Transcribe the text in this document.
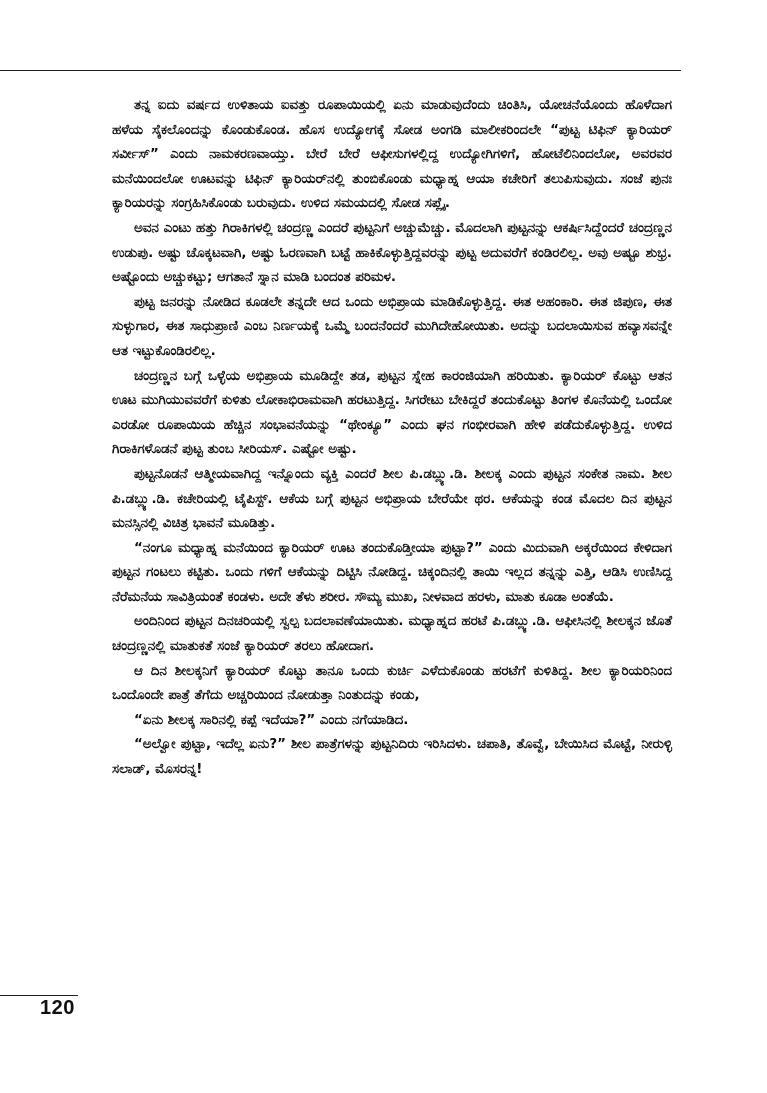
ತನ್ನ ಐದು ವರ್ಷದ ಉಳಿತಾಯ ಐವತ್ತು ರೂಪಾಯಿಯಲ್ಲಿ ಏನು ಮಾಡುವುದೆಂದು ಚಿಂತಿಸಿ, ಯೋಚನೆಯೊಂದು ಹೊಳೆದಾಗ ಹಳೆಯ ಸೈಕಲೊಂದನ್ನು ಕೊಂಡುಕೊಂಡ. ಹೊಸ ಉದ್ಯೋಗಕ್ಕೆ ಸೋಡ ಅಂಗಡಿ ಮಾಲೀಕರಿಂದಲೇ “ಪುಟ್ಟ ಟಿಫಿನ್ ಕ್ಯಾರಿಯರ್ ಸರ್ವೀಸ್” ಎಂದು ನಾಮಕರಣವಾಯ್ತು. ಬೇರೆ ಬೇರೆ ಆಫೀಸುಗಳಲ್ಲಿದ್ದ ಉದ್ಯೋಗಿಗಳಿಗೆ, ಹೋಟೆಲಿನಿಂದಲೋ, ಅವರವರ ಮನೆಯಿಂದಲೋ ಊಟವನ್ನು ಟಿಫಿನ್ ಕ್ಯಾರಿಯರ್‌ನಲ್ಲಿ ತುಂಬಿಕೊಂಡು ಮಧ್ಯಾಹ್ನ ಆಯಾ ಕಚೇರಿಗೆ ತಲುಪಿಸುವುದು. ಸಂಜೆ ಪುನಃ ಕ್ಯಾರಿಯರನ್ನು ಸಂಗ್ರಹಿಸಿಕೊಂಡು ಬರುವುದು. ಉಳಿದ ಸಮಯದಲ್ಲಿ ಸೋಡ ಸಪ್ಲೈ.

ಅವನ ಎಂಟು ಹತ್ತು ಗಿರಾಕಿಗಳಲ್ಲಿ ಚಂದ್ರಣ್ಣ ಎಂದರೆ ಪುಟ್ಟನಿಗೆ ಅಚ್ಚುಮೆಚ್ಚು. ಮೊದಲಾಗಿ ಪುಟ್ಟನನ್ನು ಆಕರ್ಷಿಸಿದ್ದೆಂದರೆ ಚಂದ್ರಣ್ಣನ ಉಡುಪು. ಅಷ್ಟು ಚೊಕ್ಕಟವಾಗಿ, ಅಷ್ಟು ಓರಣವಾಗಿ ಬಟ್ಟೆ ಹಾಕಿಕೊಳ್ಳುತ್ತಿದ್ದವರನ್ನು ಪುಟ್ಟ ಅದುವರೆಗೆ ಕಂಡಿರಲಿಲ್ಲ. ಅವು ಅಷ್ಟೂ ಶುಭ್ರ. ಅಷ್ಟೊಂದು ಅಚ್ಚುಕಟ್ಟು; ಆಗತಾನೆ ಸ್ನಾನ ಮಾಡಿ ಬಂದಂತ ಪರಿಮಳ.

ಪುಟ್ಟ ಜನರನ್ನು ನೋಡಿದ ಕೂಡಲೇ ತನ್ನದೇ ಆದ ಒಂದು ಅಭಿಪ್ರಾಯ ಮಾಡಿಕೊಳ್ಳುತ್ತಿದ್ದ. ಈತ ಅಹಂಕಾರಿ. ಈತ ಜಿಪುಣ, ಈತ ಸುಳ್ಳುಗಾರ, ಈತ ಸಾಧುಪ್ರಾಣಿ ಎಂಬ ನಿರ್ಣಯಕ್ಕೆ ಒಮ್ಮೆ ಬಂದನೆಂದರೆ ಮುಗಿದೇಹೋಯಿತು. ಅದನ್ನು ಬದಲಾಯಿಸುವ ಹವ್ಯಾಸವನ್ನೇ ಆತ ಇಟ್ಟುಕೊಂಡಿರಲಿಲ್ಲ.

ಚಂದ್ರಣ್ಣನ ಬಗ್ಗೆ ಒಳ್ಳೆಯ ಅಭಿಪ್ರಾಯ ಮೂಡಿದ್ದೇ ತಡ, ಪುಟ್ಟನ ಸ್ನೇಹ ಕಾರಂಜಿಯಾಗಿ ಹರಿಯಿತು. ಕ್ಯಾರಿಯರ್ ಕೊಟ್ಟು ಆತನ ಊಟ ಮುಗಿಯುವವರೆಗೆ ಕುಳಿತು ಲೋಕಾಭಿರಾಮವಾಗಿ ಹರಟುತ್ತಿದ್ದ. ಸಿಗರೇಟು ಬೇಕಿದ್ದರೆ ತಂದುಕೊಟ್ಟು ತಿಂಗಳ ಕೊನೆಯಲ್ಲಿ ಒಂದೋ ಎರಡೋ ರೂಪಾಯಿಯ ಹೆಚ್ಚಿನ ಸಂಭಾವನೆಯನ್ನು “ಥೇಂಕ್ಯೂ” ಎಂದು ಘನ ಗಂಭೀರವಾಗಿ ಹೇಳಿ ಪಡೆದುಕೊಳ್ಳುತ್ತಿದ್ದ. ಉಳಿದ ಗಿರಾಕಿಗಳೊಡನೆ ಪುಟ್ಟ ತುಂಬ ಸೀರಿಯಸ್. ಎಷ್ಟೋ ಅಷ್ಟು.

ಪುಟ್ಟನೊಡನೆ ಆತ್ಮೀಯವಾಗಿದ್ದ ಇನ್ನೊಂದು ವ್ಯಕ್ತಿ ಎಂದರೆ ಶೀಲ ಪಿ.ಡಬ್ಲ್ಯು.ಡಿ. ಶೀಲಕ್ಕ ಎಂದು ಪುಟ್ಟನ ಸಂಕೇತ ನಾಮ. ಶೀಲ ಪಿ.ಡಬ್ಲ್ಯು.ಡಿ. ಕಚೇರಿಯಲ್ಲಿ ಟೈಪಿಸ್ಟ್. ಆಕೆಯ ಬಗ್ಗೆ ಪುಟ್ಟನ ಅಭಿಪ್ರಾಯ ಬೇರೆಯೇ ಥರ. ಆಕೆಯನ್ನು ಕಂಡ ಮೊದಲ ದಿನ ಪುಟ್ಟನ ಮನಸ್ಸಿನಲ್ಲಿ ವಿಚಿತ್ರ ಭಾವನೆ ಮೂಡಿತ್ತು.

“ನಂಗೂ ಮಧ್ಯಾಹ್ನ ಮನೆಯಿಂದ ಕ್ಯಾರಿಯರ್ ಊಟ ತಂದುಕೊಡ್ತೀಯಾ ಪುಟ್ಟಾ?” ಎಂದು ಮಿದುವಾಗಿ ಅಕ್ಕರೆಯಿಂದ ಕೇಳಿದಾಗ ಪುಟ್ಟನ ಗಂಟಲು ಕಟ್ಟಿತು. ಒಂದು ಗಳಿಗೆ ಆಕೆಯನ್ನು ದಿಟ್ಟಿಸಿ ನೋಡಿದ್ದ. ಚಿಕ್ಕಂದಿನಲ್ಲಿ ತಾಯಿ ಇಲ್ಲದ ತನ್ನನ್ನು ಎತ್ತಿ, ಆಡಿಸಿ ಉಣಿಸಿದ್ದ ನೆರೆಮನೆಯ ಸಾವಿತ್ರಿಯಂತೆ ಕಂಡಳು. ಅದೇ ತೆಳು ಶರೀರ. ಸೌಮ್ಯ ಮುಖ, ನೀಳವಾದ ಹರಳು, ಮಾತು ಕೂಡಾ ಅಂತೆಯೆ.

ಅಂದಿನಿಂದ ಪುಟ್ಟನ ದಿನಚರಿಯಲ್ಲಿ ಸ್ವಲ್ಪ ಬದಲಾವಣೆಯಾಯಿತು. ಮಧ್ಯಾಹ್ನದ ಹರಟೆ ಪಿ.ಡಬ್ಲ್ಯು.ಡಿ. ಆಫೀಸಿನಲ್ಲಿ ಶೀಲಕ್ಕನ ಜೊತೆ ಚಂದ್ರಣ್ಣನಲ್ಲಿ ಮಾತುಕತೆ ಸಂಜೆ ಕ್ಯಾರಿಯರ್ ತರಲು ಹೋದಾಗ.

ಆ ದಿನ ಶೀಲಕ್ಕನಿಗೆ ಕ್ಯಾರಿಯರ್ ಕೊಟ್ಟು ತಾನೂ ಒಂದು ಕುರ್ಚಿ ಎಳೆದುಕೊಂಡು ಹರಟೆಗೆ ಕುಳಿತಿದ್ದ. ಶೀಲ ಕ್ಯಾರಿಯರಿನಿಂದ ಒಂದೊಂದೇ ಪಾತ್ರೆ ತೆಗೆದು ಅಚ್ಚರಿಯಿಂದ ನೋಡುತ್ತಾ ನಿಂತುದನ್ನು ಕಂಡು,

“ಏನು ಶೀಲಕ್ಕ ಸಾರಿನಲ್ಲಿ ಕಪ್ಪೆ ಇದೆಯಾ?” ಎಂದು ನಗೆಯಾಡಿದ.

“ಅಲ್ವೋ ಪುಟ್ಟಾ, ಇದೆಲ್ಲ ಏನು?” ಶೀಲ ಪಾತ್ರೆಗಳನ್ನು ಪುಟ್ಟನಿದಿರು ಇರಿಸಿದಳು. ಚಪಾತಿ, ತೊವ್ವೆ, ಬೇಯಿಸಿದ ಮೊಟ್ಟೆ, ನೀರುಳ್ಳಿ ಸಲಾಡ್, ಮೊಸರನ್ನ!

120
